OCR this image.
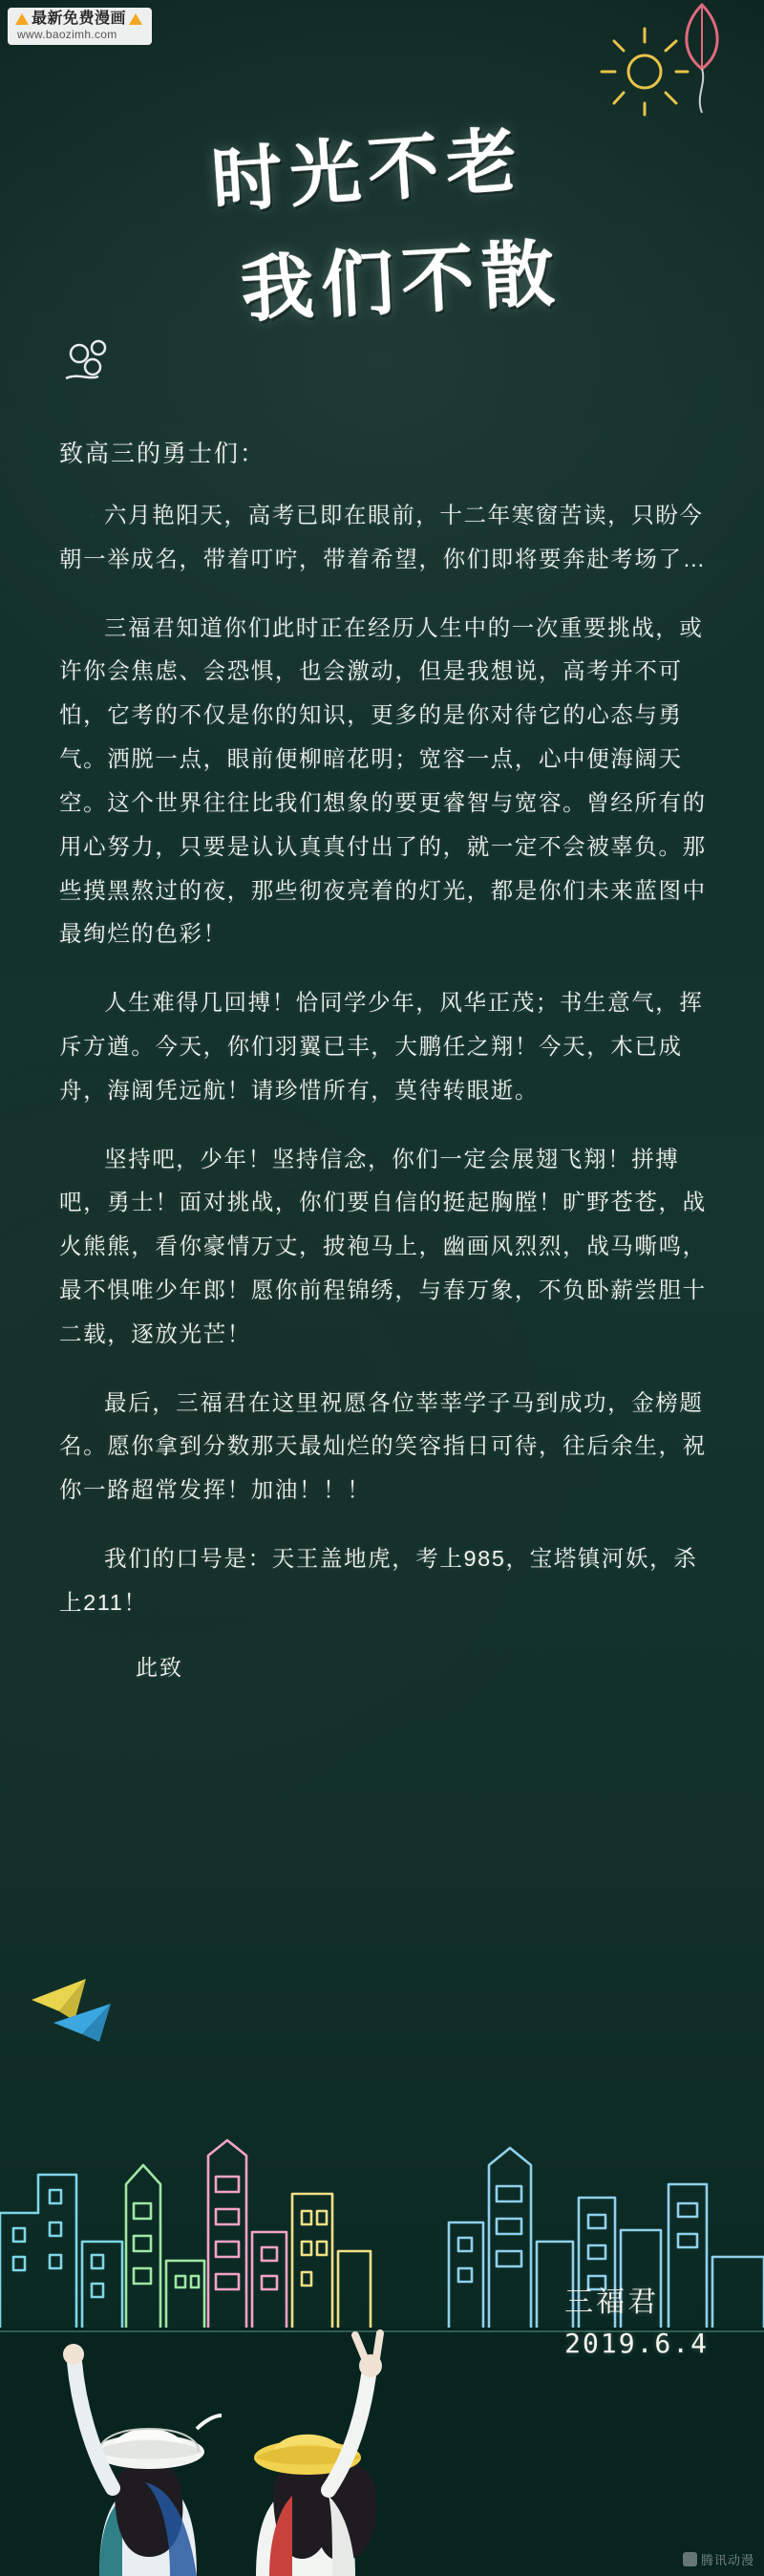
最新免费漫画
www.baozimh.com
时光不老
我们不散
致高三的勇士们：

六月艳阳天，高考已即在眼前，十二年寒窗苦读，只盼今朝一举成名，带着叮咛，带着希望，你们即将要奔赴考场了…

三福君知道你们此时正在经历人生中的一次重要挑战，或许你会焦虑、会恐惧，也会激动，但是我想说，高考并不可怕，它考的不仅是你的知识，更多的是你对待它的心态与勇气。洒脱一点，眼前便柳暗花明；宽容一点，心中便海阔天空。这个世界往往比我们想象的要更睿智与宽容。曾经所有的用心努力，只要是认认真真付出了的，就一定不会被辜负。那些摸黑熬过的夜，那些彻夜亮着的灯光，都是你们未来蓝图中最绚烂的色彩！

人生难得几回搏！恰同学少年，风华正茂；书生意气，挥斥方遒。今天，你们羽翼已丰，大鹏任之翔！今天，木已成舟，海阔凭远航！请珍惜所有，莫待转眼逝。

坚持吧，少年！坚持信念，你们一定会展翅飞翔！拼搏吧，勇士！面对挑战，你们要自信的挺起胸膛！旷野苍苍，战火熊熊，看你豪情万丈，披袍马上，幽画风烈烈，战马嘶鸣，最不惧唯少年郎！愿你前程锦绣，与春万象，不负卧薪尝胆十二载，逐放光芒！

最后，三福君在这里祝愿各位莘莘学子马到成功，金榜题名。愿你拿到分数那天最灿烂的笑容指日可待，往后余生，祝你一路超常发挥！加油！！！

我们的口号是：天王盖地虎，考上985，宝塔镇河妖，杀上211！

此致
三福君
2019.6.4
腾讯动漫
